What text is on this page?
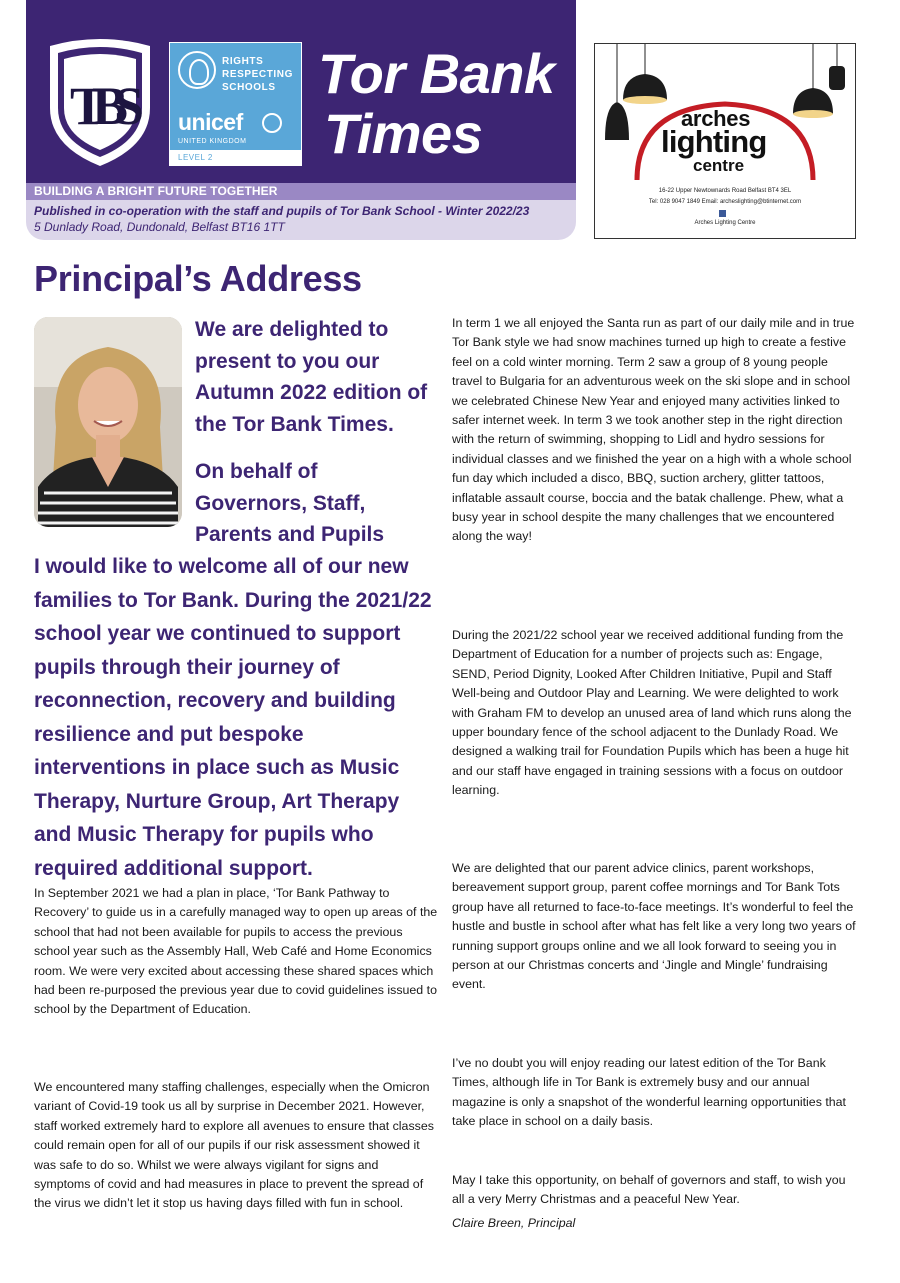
TBS
RIGHTS
RESPECTING
SCHOOLS
unicef
UNITED KINGDOM
LEVEL 2
Tor Bank
Times
BUILDING A BRIGHT FUTURE TOGETHER
Published in co-operation with the staff and pupils of Tor Bank School - Winter 2022/23
5 Dunlady Road, Dundonald, Belfast BT16 1TT
arches
lighting
centre
16-22 Upper Newtownards Road Belfast BT4 3EL
Tel: 028 9047 1849 Email: archeslighting@btinternet.com
Arches Lighting Centre
Principal’s Address
We are delighted to present to you our Autumn 2022 edition of the Tor Bank Times.
On behalf of Governors, Staff, Parents and Pupils
I would like to welcome all of our new families to Tor Bank. During the 2021/22 school year we continued to support pupils through their journey of reconnection, recovery and building resilience and put bespoke interventions in place such as Music Therapy, Nurture Group, Art Therapy and Music Therapy for pupils who required additional support.
In September 2021 we had a plan in place, ‘Tor Bank Pathway to Recovery’ to guide us in a carefully managed way to open up areas of the school that had not been available for pupils to access the previous school year such as the Assembly Hall, Web Café and Home Economics room. We were very excited about accessing these shared spaces which had been re-purposed the previous year due to covid guidelines issued to school by the Department of Education.
We encountered many staffing challenges, especially when the Omicron variant of Covid-19 took us all by surprise in December 2021. However, staff worked extremely hard to explore all avenues to ensure that classes could remain open for all of our pupils if our risk assessment showed it was safe to do so. Whilst we were always vigilant for signs and symptoms of covid and had measures in place to prevent the spread of the virus we didn’t let it stop us having days filled with fun in school.
In term 1 we all enjoyed the Santa run as part of our daily mile and in true Tor Bank style we had snow machines turned up high to create a festive feel on a cold winter morning. Term 2 saw a group of 8 young people travel to Bulgaria for an adventurous week on the ski slope and in school we celebrated Chinese New Year and enjoyed many activities linked to safer internet week. In term 3 we took another step in the right direction with the return of swimming, shopping to Lidl and hydro sessions for individual classes and we finished the year on a high with a whole school fun day which included a disco, BBQ, suction archery, glitter tattoos, inflatable assault course, boccia and the batak challenge. Phew, what a busy year in school despite the many challenges that we encountered along the way!
During the 2021/22 school year we received additional funding from the Department of Education for a number of projects such as: Engage, SEND, Period Dignity, Looked After Children Initiative, Pupil and Staff Well-being and Outdoor Play and Learning. We were delighted to work with Graham FM to develop an unused area of land which runs along the upper boundary fence of the school adjacent to the Dunlady Road. We designed a walking trail for Foundation Pupils which has been a huge hit and our staff have engaged in training sessions with a focus on outdoor learning.
We are delighted that our parent advice clinics, parent workshops, bereavement support group, parent coffee mornings and Tor Bank Tots group have all returned to face-to-face meetings. It’s wonderful to feel the hustle and bustle in school after what has felt like a very long two years of running support groups online and we all look forward to seeing you in person at our Christmas concerts and ‘Jingle and Mingle’ fundraising event.
I’ve no doubt you will enjoy reading our latest edition of the Tor Bank Times, although life in Tor Bank is extremely busy and our annual magazine is only a snapshot of the wonderful learning opportunities that take place in school on a daily basis.
May I take this opportunity, on behalf of governors and staff, to wish you all a very Merry Christmas and a peaceful New Year.
Claire Breen, Principal
